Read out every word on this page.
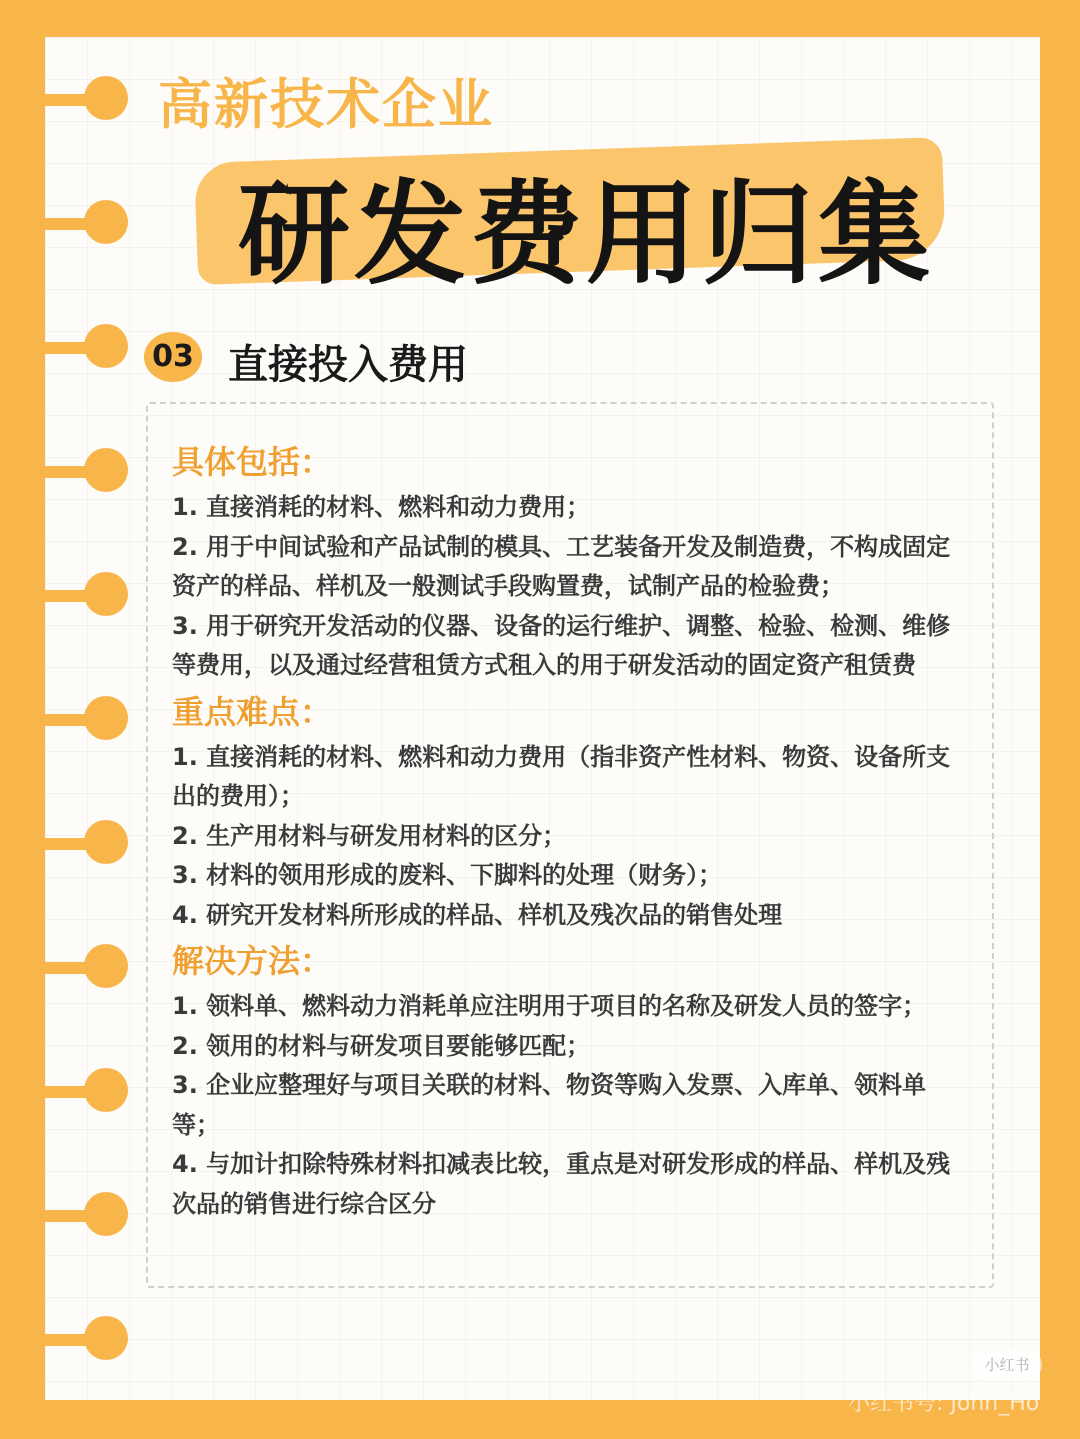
高新技术企业
研发费用归集
03 直接投入费用
具体包括：
1. 直接消耗的材料、燃料和动力费用；
2. 用于中间试验和产品试制的模具、工艺装备开发及制造费，不构成固定资产的样品、样机及一般测试手段购置费，试制产品的检验费；
3. 用于研究开发活动的仪器、设备的运行维护、调整、检验、检测、维修等费用，以及通过经营租赁方式租入的用于研发活动的固定资产租赁费
重点难点：
1. 直接消耗的材料、燃料和动力费用（指非资产性材料、物资、设备所支出的费用）；
2. 生产用材料与研发用材料的区分；
3. 材料的领用形成的废料、下脚料的处理（财务）；
4. 研究开发材料所形成的样品、样机及残次品的销售处理
解决方法：
1. 领料单、燃料动力消耗单应注明用于项目的名称及研发人员的签字；
2. 领用的材料与研发项目要能够匹配；
3. 企业应整理好与项目关联的材料、物资等购入发票、入库单、领料单等；
4. 与加计扣除特殊材料扣减表比较，重点是对研发形成的样品、样机及残次品的销售进行综合区分
小红书
小红书号: John_Ho
